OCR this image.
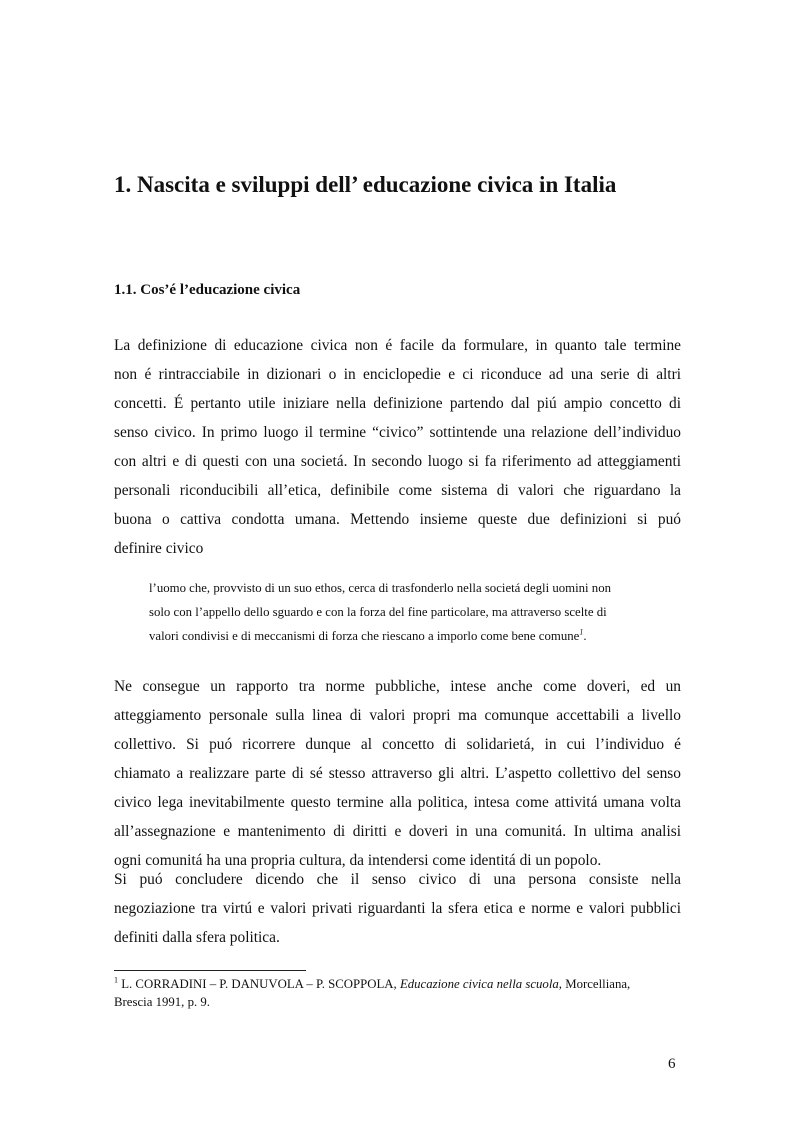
1. Nascita e sviluppi dell’ educazione civica in Italia
1.1. Cos’é l’educazione civica

La definizione di educazione civica non é facile da formulare, in quanto tale termine
non é rintracciabile in dizionari o in enciclopedie e ci riconduce ad una serie di altri
concetti. É pertanto utile iniziare nella definizione partendo dal piú ampio concetto di
senso civico. In primo luogo il termine “civico” sottintende una relazione dell’individuo
con altri e di questi con una societá. In secondo luogo si fa riferimento ad atteggiamenti
personali riconducibili all’etica, definibile come sistema di valori che riguardano la
buona o cattiva condotta umana. Mettendo insieme queste due definizioni si puó
definire civico

l’uomo che, provvisto di un suo ethos, cerca di trasfonderlo nella societá degli uomini non
solo con l’appello dello sguardo e con la forza del fine particolare, ma attraverso scelte di
valori condivisi e di meccanismi di forza che riescano a imporlo come bene comune$^1$.

Ne consegue un rapporto tra norme pubbliche, intese anche come doveri, ed un
atteggiamento personale sulla linea di valori propri ma comunque accettabili a livello
collettivo. Si puó ricorrere dunque al concetto di solidarietá, in cui l’individuo é
chiamato a realizzare parte di sé stesso attraverso gli altri. L’aspetto collettivo del senso
civico lega inevitabilmente questo termine alla politica, intesa come attivitá umana volta
all’assegnazione e mantenimento di diritti e doveri in una comunitá. In ultima analisi
ogni comunitá ha una propria cultura, da intendersi come identitá di un popolo.

Si puó concludere dicendo che il senso civico di una persona consiste nella
negoziazione tra virtú e valori privati riguardanti la sfera etica e norme e valori pubblici
definiti dalla sfera politica.

$^1$ L. CORRADINI – P. DANUVOLA – P. SCOPPOLA, Educazione civica nella scuola, Morcelliana,
Brescia 1991, p. 9.

6
